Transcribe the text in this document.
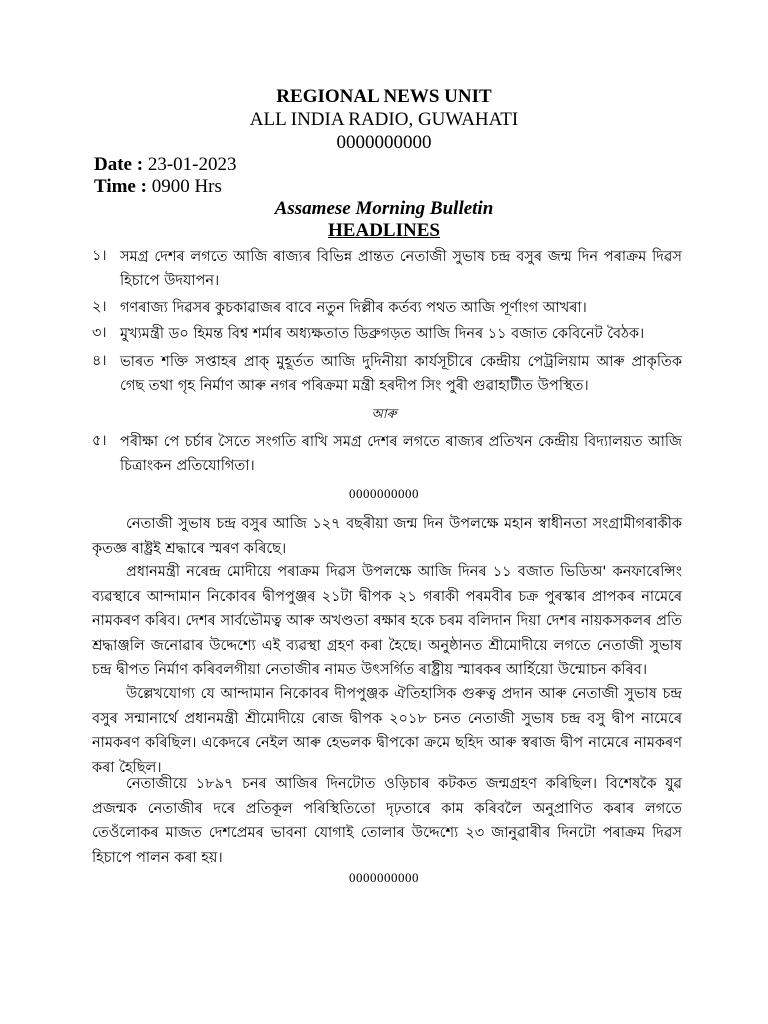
REGIONAL NEWS UNIT
ALL INDIA RADIO, GUWAHATI
0000000000
Date : 23-01-2023
Time : 0900 Hrs
Assamese Morning Bulletin
HEADLINES
১। সমগ্ৰ দেশৰ লগতে আজি ৰাজ্যৰ বিভিন্ন প্ৰান্তত নেতাজী সুভাষ চন্দ্ৰ বসুৰ জন্ম দিন পৰাক্ৰম দিৱস হিচাপে উদযাপন।
২। গণৰাজ্য দিৱসৰ কুচকাৱাজৰ বাবে নতুন দিল্লীৰ কৰ্তব্য পথত আজি পূৰ্ণাংগ আখৰা।
৩। মুখ্যমন্ত্ৰী ড০ হিমন্ত বিশ্ব শৰ্মাৰ অধ্যক্ষতাত ডিব্ৰুগড়ত আজি দিনৰ ১১ বজাত কেবিনেট বৈঠক।
৪। ভাৰত শক্তি সপ্তাহৰ প্ৰাক্ মুহূৰ্তত আজি দুদিনীয়া কাৰ্যসূচীৰে কেন্দ্ৰীয় পেট্ৰলিয়াম আৰু প্ৰাকৃতিক গেছ তথা গৃহ নিৰ্মাণ আৰু নগৰ পৰিক্ৰমা মন্ত্ৰী হৰদীপ সিং পুৰী গুৱাহাটীত উপস্থিত।
আৰু
৫। পৰীক্ষা পে চৰ্চাৰ সৈতে সংগতি ৰাখি সমগ্ৰ দেশৰ লগতে ৰাজ্যৰ প্ৰতিখন কেন্দ্ৰীয় বিদ্যালয়ত আজি চিত্ৰাংকন প্ৰতিযোগিতা।
0000000000
নেতাজী সুভাষ চন্দ্ৰ বসুৰ আজি ১২৭ বছৰীয়া জন্ম দিন উপলক্ষে মহান স্বাধীনতা সংগ্ৰামীগৰাকীক কৃতজ্ঞ ৰাষ্ট্ৰই শ্ৰদ্ধাৰে স্মৰণ কৰিছে।
প্ৰধানমন্ত্ৰী নৰেন্দ্ৰ মোদীয়ে পৰাক্ৰম দিৱস উপলক্ষে আজি দিনৰ ১১ বজাত ভিডিঅ' কনফাৰেন্সিং ব্যৱস্থাৰে আন্দামান নিকোবৰ দ্বীপপুঞ্জৰ ২১টা দ্বীপক ২১ গৰাকী পৰমবীৰ চক্ৰ পুৰস্কাৰ প্ৰাপকৰ নামেৰে নামকৰণ কৰিব। দেশৰ সাৰ্বভৌমত্ব আৰু অখণ্ডতা ৰক্ষাৰ হকে চৰম বলিদান দিয়া দেশৰ নায়কসকলৰ প্ৰতি শ্ৰদ্ধাঞ্জলি জনোৱাৰ উদ্দেশ্যে এই ব্যৱস্থা গ্ৰহণ কৰা হৈছে। অনুষ্ঠানত শ্ৰীমোদীয়ে লগতে নেতাজী সুভাষ চন্দ্ৰ দ্বীপত নিৰ্মাণ কৰিবলগীয়া নেতাজীৰ নামত উৎসৰ্গিত ৰাষ্ট্ৰীয় স্মাৰকৰ আৰ্হিয়ো উন্মোচন কৰিব।
উল্লেখযোগ্য যে আন্দামান নিকোবৰ দীপপুঞ্জক ঐতিহাসিক গুৰুত্ব প্ৰদান আৰু নেতাজী সুভাষ চন্দ্ৰ বসুৰ সন্মানাৰ্থে প্ৰধানমন্ত্ৰী শ্ৰীমোদীয়ে ৰোজ দ্বীপক ২০১৮ চনত নেতাজী সুভাষ চন্দ্ৰ বসু দ্বীপ নামেৰে নামকৰণ কৰিছিল। একেদৰে নেইল আৰু হেভলক দ্বীপকো ক্ৰমে ছহিদ আৰু স্বৰাজ দ্বীপ নামেৰে নামকৰণ কৰা হৈছিল।
নেতাজীয়ে ১৮৯৭ চনৰ আজিৰ দিনটোত ওড়িচাৰ কটকত জন্মগ্ৰহণ কৰিছিল। বিশেষকৈ যুৱ প্ৰজন্মক নেতাজীৰ দৰে প্ৰতিকূল পৰিস্থিতিতো দৃঢ়তাৰে কাম কৰিবলৈ অনুপ্ৰাণিত কৰাৰ লগতে তেওঁলোকৰ মাজত দেশপ্ৰেমৰ ভাবনা যোগাই তোলাৰ উদ্দেশ্যে ২৩ জানুৱাৰীৰ দিনটো পৰাক্ৰম দিৱস হিচাপে পালন কৰা হয়।
0000000000
